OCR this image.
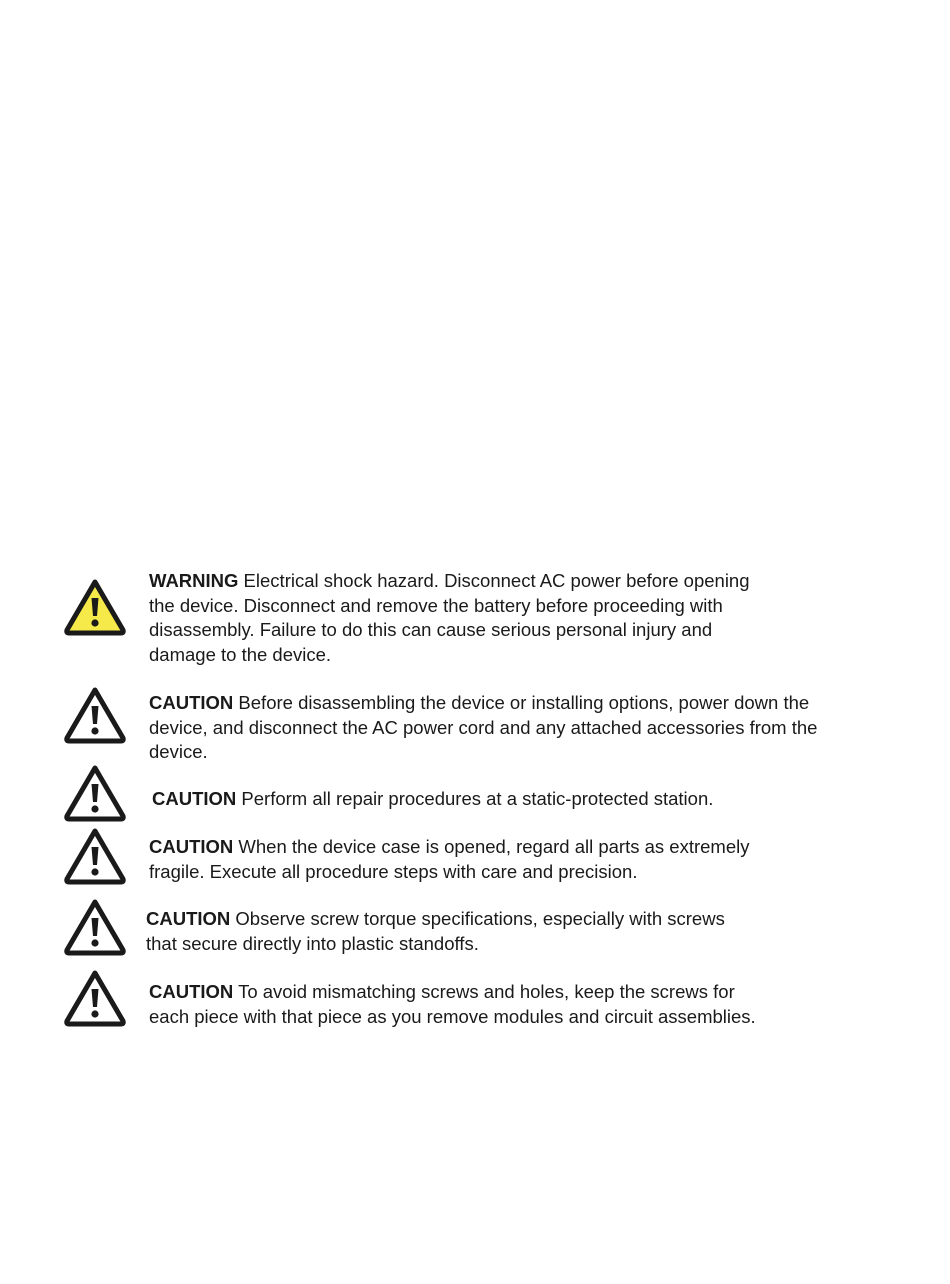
WARNING Electrical shock hazard. Disconnect AC power before opening
the device. Disconnect and remove the battery before proceeding with
disassembly. Failure to do this can cause serious personal injury and
damage to the device.
CAUTION Before disassembling the device or installing options, power down the
device, and disconnect the AC power cord and any attached accessories from the
device.
CAUTION Perform all repair procedures at a static-protected station.
CAUTION When the device case is opened, regard all parts as extremely
fragile. Execute all procedure steps with care and precision.
CAUTION Observe screw torque specifications, especially with screws
that secure directly into plastic standoffs.
CAUTION To avoid mismatching screws and holes, keep the screws for
each piece with that piece as you remove modules and circuit assemblies.
